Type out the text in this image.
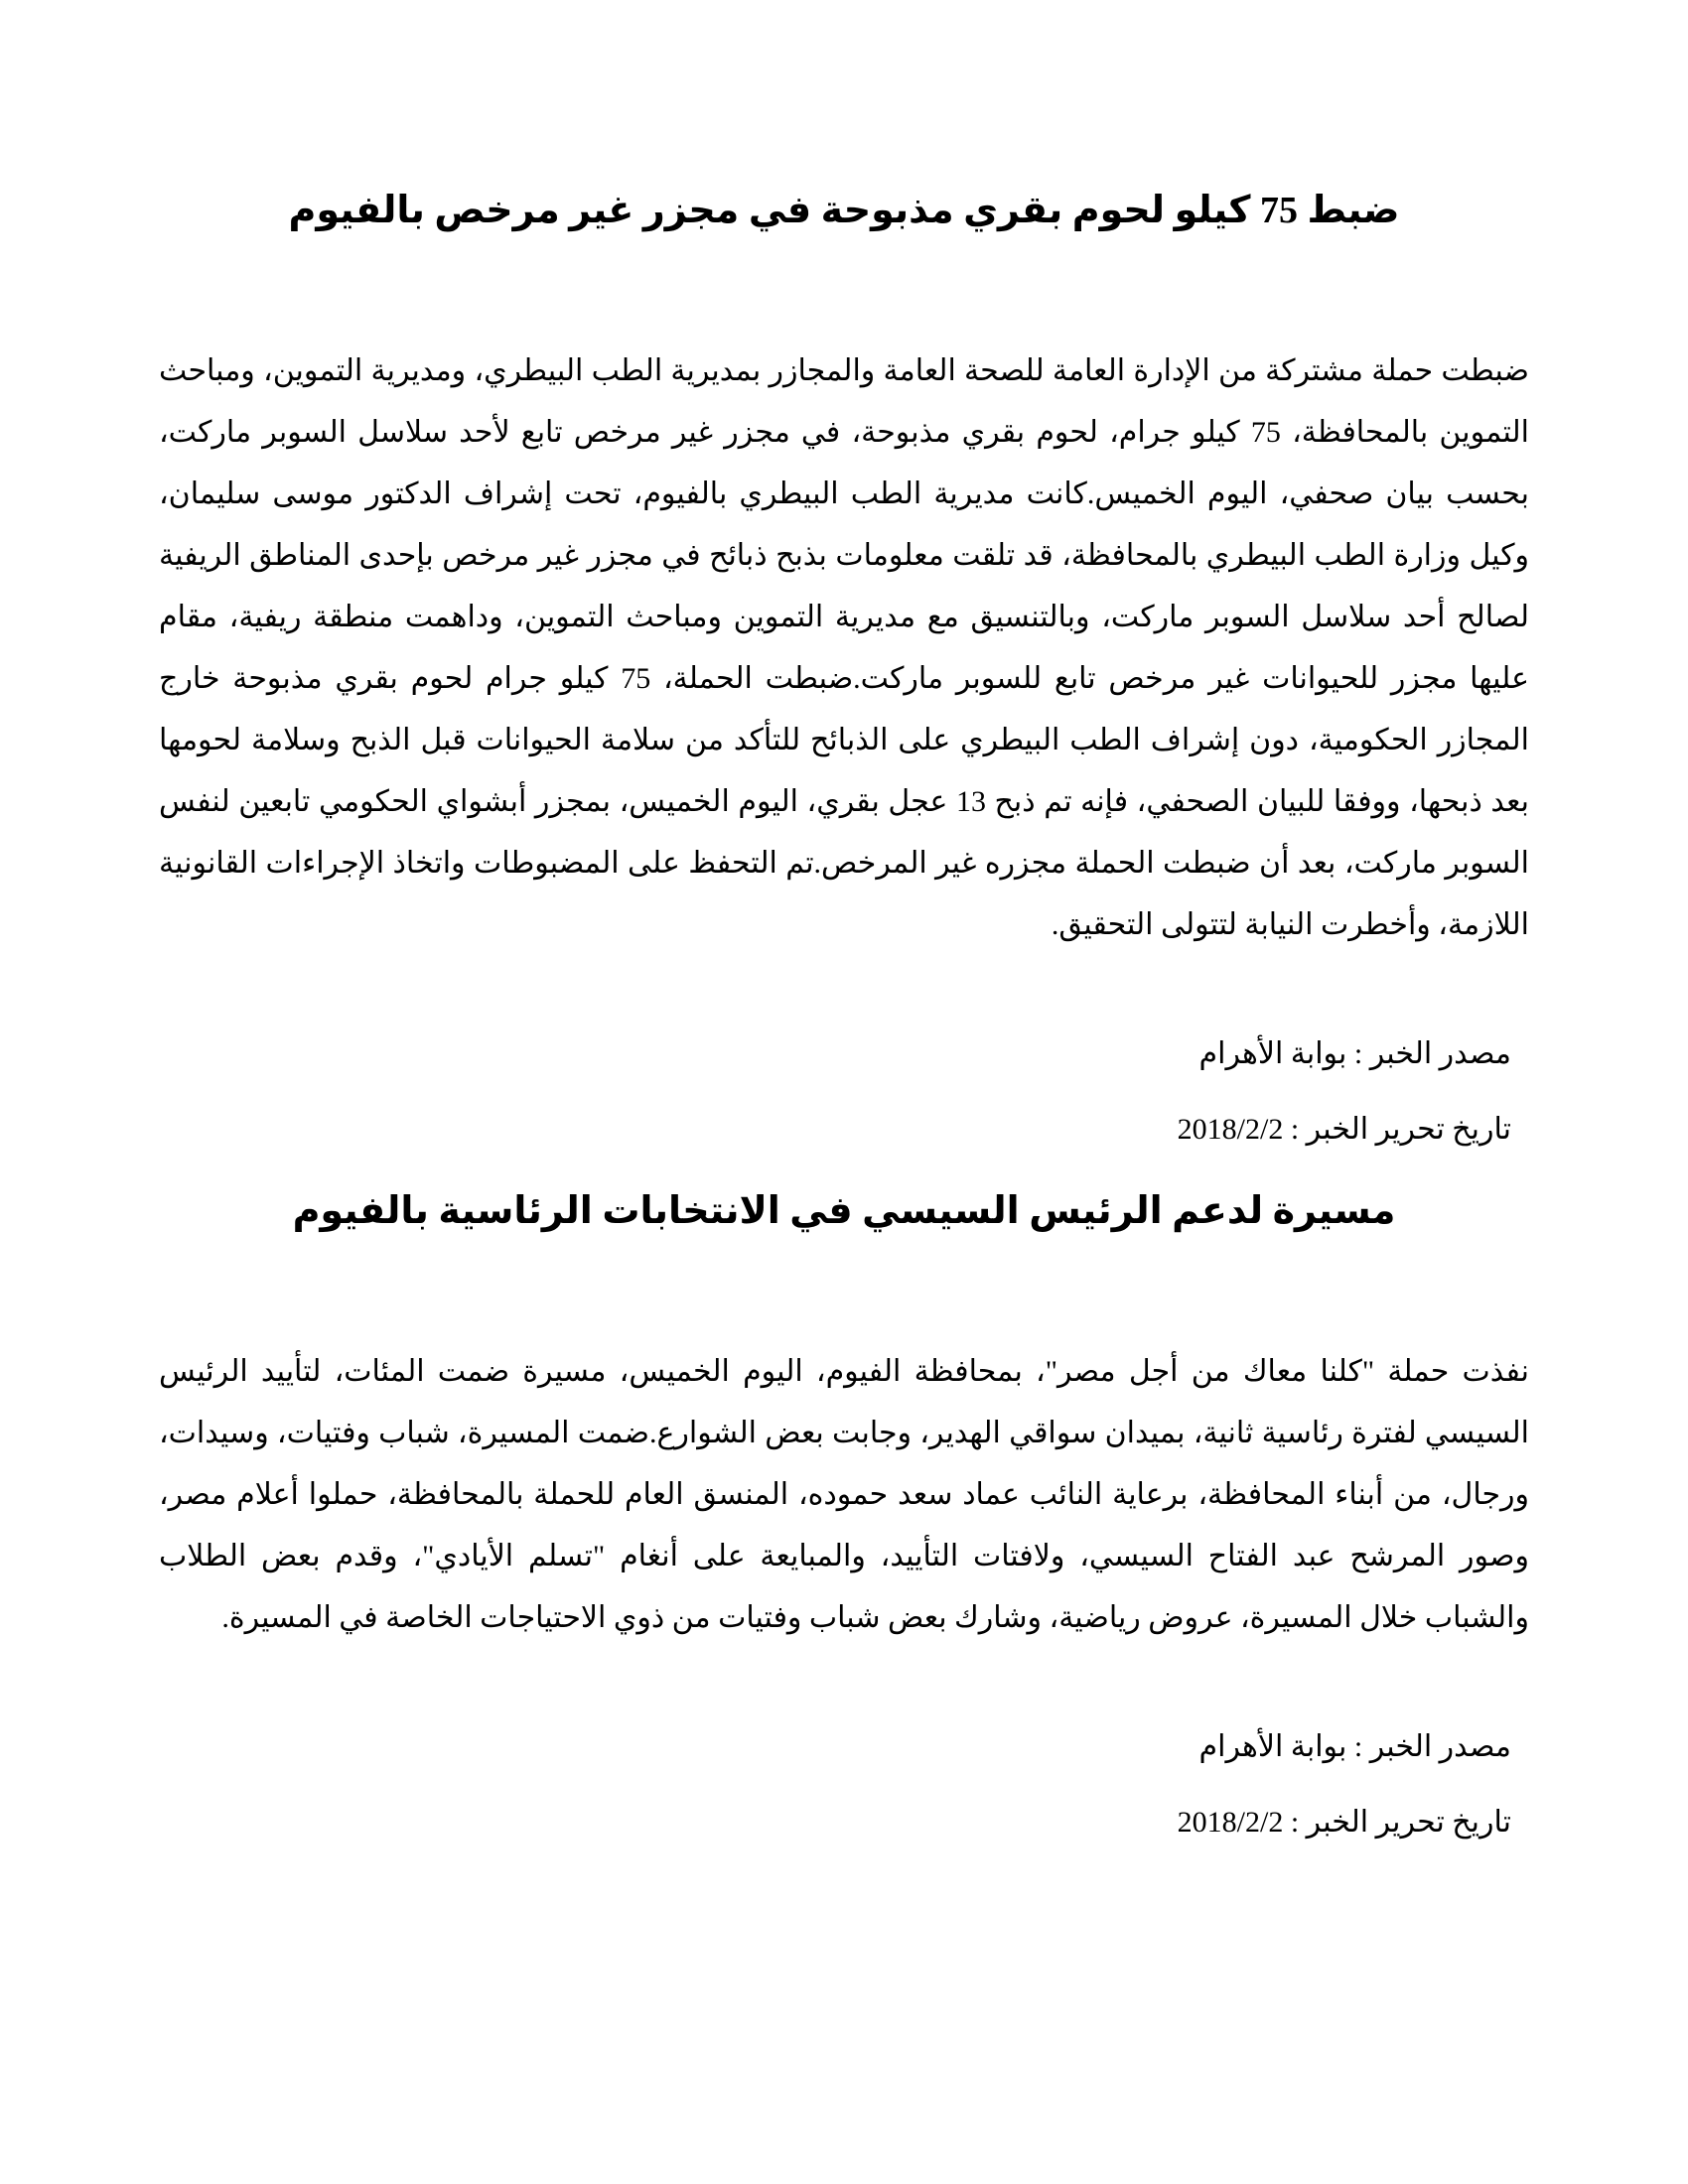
ضبط 75 كيلو لحوم بقري مذبوحة في مجزر غير مرخص بالفيوم

ضبطت حملة مشتركة من الإدارة العامة للصحة العامة والمجازر بمديرية الطب البيطري، ومديرية التموين، ومباحث التموين بالمحافظة، 75 كيلو جرام، لحوم بقري مذبوحة، في مجزر غير مرخص تابع لأحد سلاسل السوبر ماركت، بحسب بيان صحفي، اليوم الخميس.كانت مديرية الطب البيطري بالفيوم، تحت إشراف الدكتور موسى سليمان، وكيل وزارة الطب البيطري بالمحافظة، قد تلقت معلومات بذبح ذبائح في مجزر غير مرخص بإحدى المناطق الريفية لصالح أحد سلاسل السوبر ماركت، وبالتنسيق مع مديرية التموين ومباحث التموين، وداهمت منطقة ريفية، مقام عليها مجزر للحيوانات غير مرخص تابع للسوبر ماركت.ضبطت الحملة، 75 كيلو جرام لحوم بقري مذبوحة خارج المجازر الحكومية، دون إشراف الطب البيطري على الذبائح للتأكد من سلامة الحيوانات قبل الذبح وسلامة لحومها بعد ذبحها، ووفقا للبيان الصحفي، فإنه تم ذبح 13 عجل بقري، اليوم الخميس، بمجزر أبشواي الحكومي تابعين لنفس السوبر ماركت، بعد أن ضبطت الحملة مجزره غير المرخص.تم التحفظ على المضبوطات واتخاذ الإجراءات القانونية اللازمة، وأخطرت النيابة لتتولى التحقيق.

مصدر الخبر : بوابة الأهرام

تاريخ تحرير الخبر : 2018/2/2

مسيرة لدعم الرئيس السيسي في الانتخابات الرئاسية بالفيوم

نفذت حملة "كلنا معاك من أجل مصر"، بمحافظة الفيوم، اليوم الخميس، مسيرة ضمت المئات، لتأييد الرئيس السيسي لفترة رئاسية ثانية، بميدان سواقي الهدير، وجابت بعض الشوارع.ضمت المسيرة، شباب وفتيات، وسيدات، ورجال، من أبناء المحافظة، برعاية النائب عماد سعد حموده، المنسق العام للحملة بالمحافظة، حملوا أعلام مصر، وصور المرشح عبد الفتاح السيسي، ولافتات التأييد، والمبايعة على أنغام "تسلم الأيادي"، وقدم بعض الطلاب والشباب خلال المسيرة، عروض رياضية، وشارك بعض شباب وفتيات من ذوي الاحتياجات الخاصة في المسيرة.

مصدر الخبر : بوابة الأهرام

تاريخ تحرير الخبر : 2018/2/2
